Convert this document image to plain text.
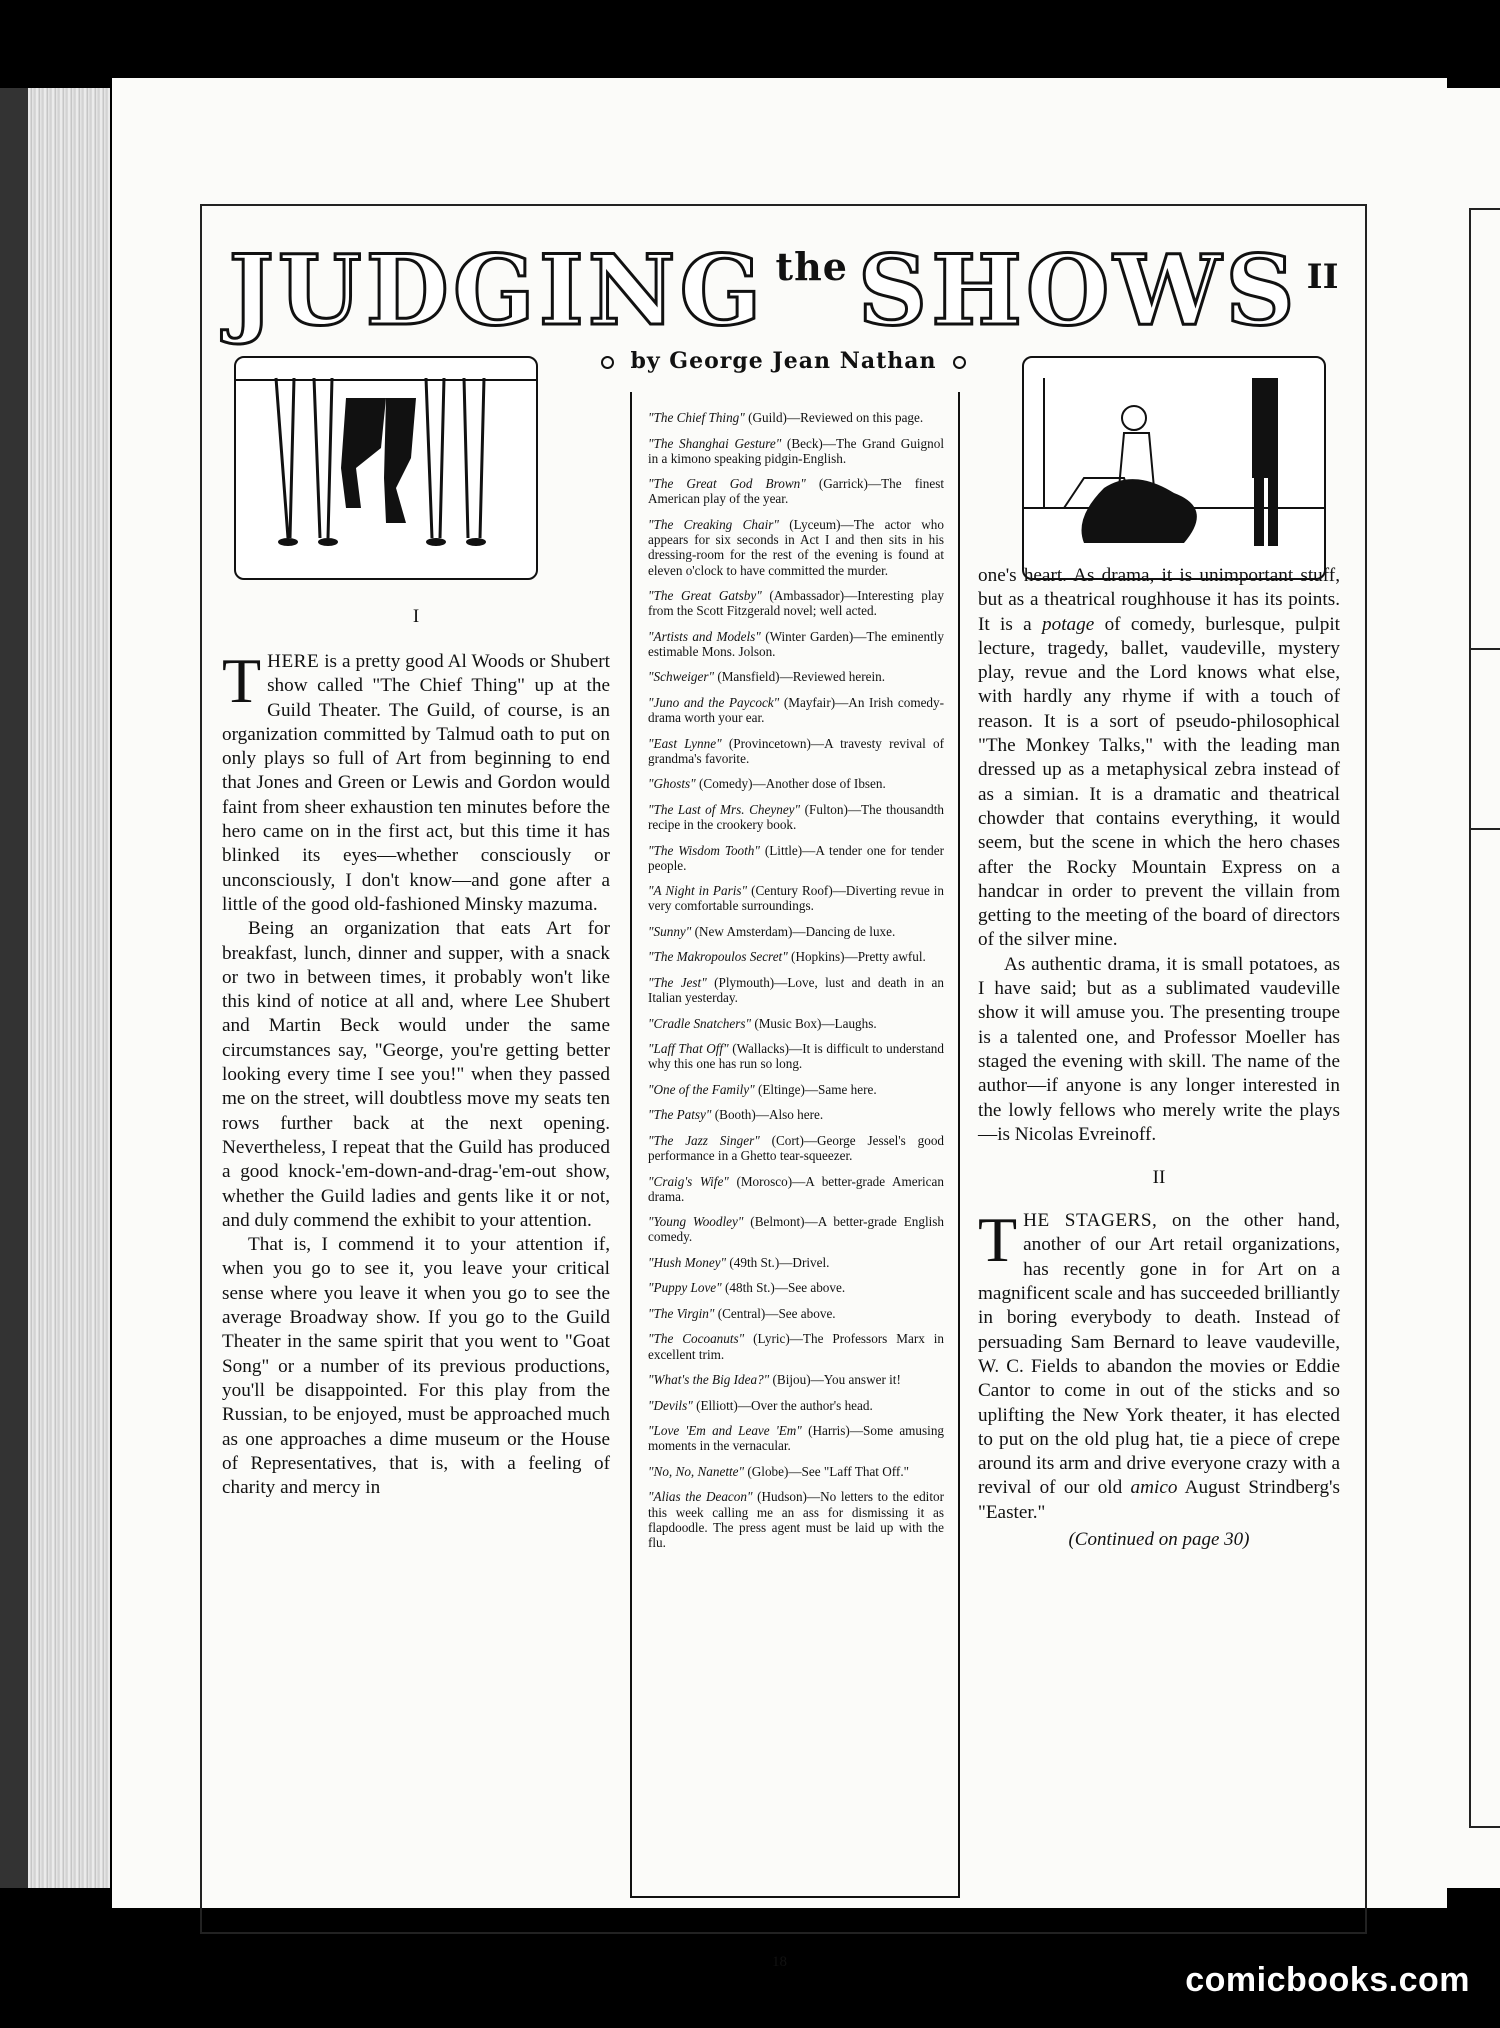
JUDGING the SHOWS II
by George Jean Nathan

"The Chief Thing" (Guild)—Reviewed on this page.

"The Shanghai Gesture" (Beck)—The Grand Guignol in a kimono speaking pidgin-English.

"The Great God Brown" (Garrick)—The finest American play of the year.

"The Creaking Chair" (Lyceum)—The actor who appears for six seconds in Act I and then sits in his dressing-room for the rest of the evening is found at eleven o'clock to have committed the murder.

"The Great Gatsby" (Ambassador)—Interesting play from the Scott Fitzgerald novel; well acted.

"Artists and Models" (Winter Garden)—The eminently estimable Mons. Jolson.

"Schweiger" (Mansfield)—Reviewed herein.

"Juno and the Paycock" (Mayfair)—An Irish comedy-drama worth your ear.

"East Lynne" (Provincetown)—A travesty revival of grandma's favorite.

"Ghosts" (Comedy)—Another dose of Ibsen.

"The Last of Mrs. Cheyney" (Fulton)—The thousandth recipe in the crookery book.

"The Wisdom Tooth" (Little)—A tender one for tender people.

"A Night in Paris" (Century Roof)—Diverting revue in very comfortable surroundings.

"Sunny" (New Amsterdam)—Dancing de luxe.

"The Makropoulos Secret" (Hopkins)—Pretty awful.

"The Jest" (Plymouth)—Love, lust and death in an Italian yesterday.

"Cradle Snatchers" (Music Box)—Laughs.

"Laff That Off" (Wallacks)—It is difficult to understand why this one has run so long.

"One of the Family" (Eltinge)—Same here.

"The Patsy" (Booth)—Also here.

"The Jazz Singer" (Cort)—George Jessel's good performance in a Ghetto tear-squeezer.

"Craig's Wife" (Morosco)—A better-grade American drama.

"Young Woodley" (Belmont)—A better-grade English comedy.

"Hush Money" (49th St.)—Drivel.

"Puppy Love" (48th St.)—See above.

"The Virgin" (Central)—See above.

"The Cocoanuts" (Lyric)—The Professors Marx in excellent trim.

"What's the Big Idea?" (Bijou)—You answer it!

"Devils" (Elliott)—Over the author's head.

"Love 'Em and Leave 'Em" (Harris)—Some amusing moments in the vernacular.

"No, No, Nanette" (Globe)—See "Laff That Off."

"Alias the Deacon" (Hudson)—No letters to the editor this week calling me an ass for dismissing it as flapdoodle. The press agent must be laid up with the flu.

I

THERE is a pretty good Al Woods or Shubert show called "The Chief Thing" up at the Guild Theater. The Guild, of course, is an organization committed by Talmud oath to put on only plays so full of Art from beginning to end that Jones and Green or Lewis and Gordon would faint from sheer exhaustion ten minutes before the hero came on in the first act, but this time it has blinked its eyes—whether consciously or unconsciously, I don't know—and gone after a little of the good old-fashioned Minsky mazuma.

Being an organization that eats Art for breakfast, lunch, dinner and supper, with a snack or two in between times, it probably won't like this kind of notice at all and, where Lee Shubert and Martin Beck would under the same circumstances say, "George, you're getting better looking every time I see you!" when they passed me on the street, will doubtless move my seats ten rows further back at the next opening. Nevertheless, I repeat that the Guild has produced a good knock-'em-down-and-drag-'em-out show, whether the Guild ladies and gents like it or not, and duly commend the exhibit to your attention.

That is, I commend it to your attention if, when you go to see it, you leave your critical sense where you leave it when you go to see the average Broadway show. If you go to the Guild Theater in the same spirit that you went to "Goat Song" or a number of its previous productions, you'll be disappointed. For this play from the Russian, to be enjoyed, must be approached much as one approaches a dime museum or the House of Representatives, that is, with a feeling of charity and mercy in

one's heart. As drama, it is unimportant stuff, but as a theatrical roughhouse it has its points. It is a potage of comedy, burlesque, pulpit lecture, tragedy, ballet, vaudeville, mystery play, revue and the Lord knows what else, with hardly any rhyme if with a touch of reason. It is a sort of pseudo-philosophical "The Monkey Talks," with the leading man dressed up as a metaphysical zebra instead of as a simian. It is a dramatic and theatrical chowder that contains everything, it would seem, but the scene in which the hero chases after the Rocky Mountain Express on a handcar in order to prevent the villain from getting to the meeting of the board of directors of the silver mine.

As authentic drama, it is small potatoes, as I have said; but as a sublimated vaudeville show it will amuse you. The presenting troupe is a talented one, and Professor Moeller has staged the evening with skill. The name of the author—if anyone is any longer interested in the lowly fellows who merely write the plays—is Nicolas Evreinoff.

II

THE STAGERS, on the other hand, another of our Art retail organizations, has recently gone in for Art on a magnificent scale and has succeeded brilliantly in boring everybody to death. Instead of persuading Sam Bernard to leave vaudeville, W. C. Fields to abandon the movies or Eddie Cantor to come in out of the sticks and so uplifting the New York theater, it has elected to put on the old plug hat, tie a piece of crepe around its arm and drive everyone crazy with a revival of our old amico August Strindberg's "Easter."

(Continued on page 30)
18	comicbooks.com
